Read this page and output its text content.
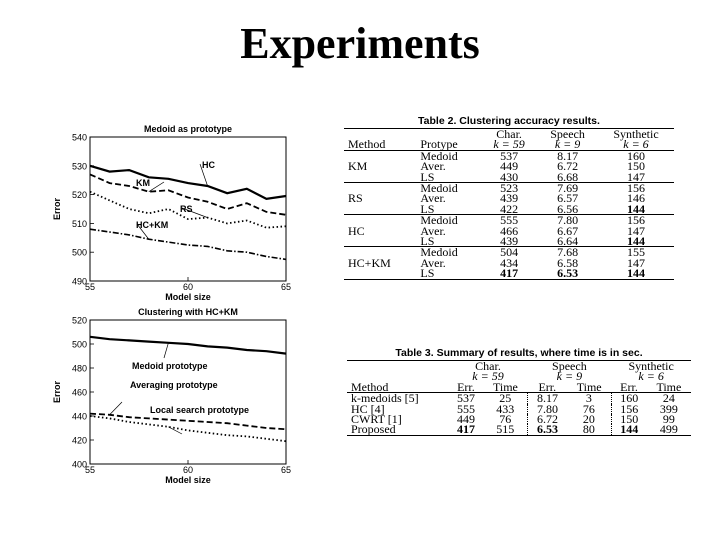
Experiments
Medoid as prototype
490
500
510
520
530
540
55	60	65
Model size
Error
HC
KM
RS
HC+KM
Clustering with HC+KM
400
420
440
460
480
500
520
55	60	65
Model size
Error
Medoid prototype
Averaging prototype
Local search prototype
Table 2. Clustering accuracy results.
		Char.	Speech	Synthetic
Method	Protype	k = 59	k = 9	k = 6
	Medoid	537	8.17	160
KM	Aver.	449	6.72	150
	LS	430	6.68	147
	Medoid	523	7.69	156
RS	Aver.	439	6.57	146
	LS	422	6.56	144
	Medoid	555	7.80	156
HC	Aver.	466	6.67	147
	LS	439	6.64	144
	Medoid	504	7.68	155
HC+KM	Aver.	434	6.58	147
	LS	417	6.53	144
Table 3. Summary of results, where time is in sec.
	Char.		Speech		Synthetic	
	k = 59		k = 9		k = 6	
Method	Err.	Time	Err.	Time	Err.	Time
k-medoids [5]	537	25	8.17	3	160	24
HC [4]	555	433	7.80	76	156	399
CWRT [1]	449	76	6.72	20	150	99
Proposed	417	515	6.53	80	144	499
